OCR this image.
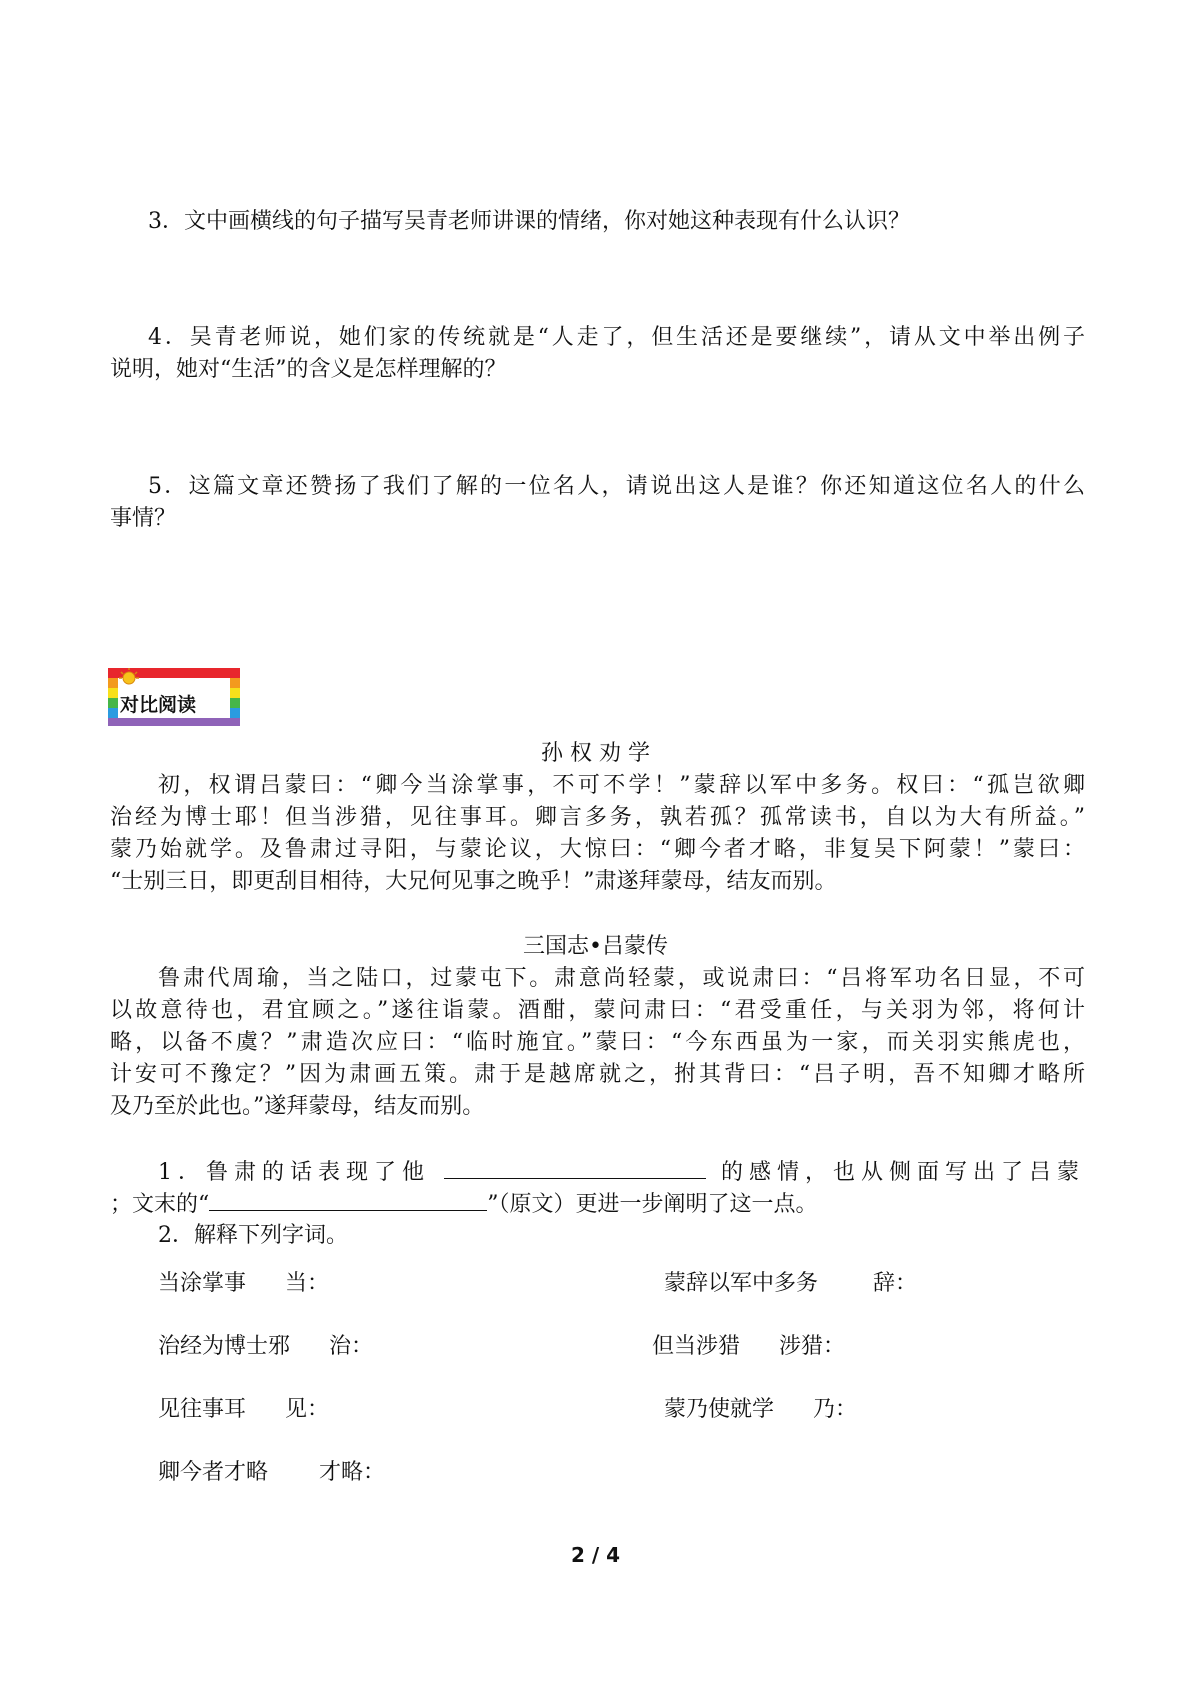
3．文中画横线的句子描写吴青老师讲课的情绪，你对她这种表现有什么认识？
4．吴青老师说，她们家的传统就是“人走了，但生活还是要继续”，请从文中举出例子
说明，她对“生活”的含义是怎样理解的？
5．这篇文章还赞扬了我们了解的一位名人，请说出这人是谁？你还知道这位名人的什么
事情？
对比阅读
孙 权 劝 学
初，权谓吕蒙曰：“卿今当涂掌事，不可不学！”蒙辞以军中多务。权曰：“孤岂欲卿
治经为博士耶！但当涉猎，见往事耳。卿言多务，孰若孤？孤常读书，自以为大有所益。”
蒙乃始就学。及鲁肃过寻阳，与蒙论议，大惊曰：“卿今者才略，非复吴下阿蒙！”蒙曰：
“士别三日，即更刮目相待，大兄何见事之晚乎！”肃遂拜蒙母，结友而别。
三国志•吕蒙传
鲁肃代周瑜，当之陆口，过蒙屯下。肃意尚轻蒙，或说肃曰：“吕将军功名日显，不可
以故意待也，君宜顾之。”遂往诣蒙。酒酣，蒙问肃曰：“君受重任，与关羽为邻，将何计
略，以备不虞？”肃造次应曰：“临时施宜。”蒙曰：“今东西虽为一家，而关羽实熊虎也，
计安可不豫定？”因为肃画五策。肃于是越席就之，拊其背曰：“吕子明，吾不知卿才略所
及乃至於此也。”遂拜蒙母，结友而别。
1．鲁肃的话表现了他	的感情，也从侧面写出了吕蒙
；文末的“	”（原文）更进一步阐明了这一点。
2．解释下列字词。
当涂掌事 当：	蒙辞以军中多务	辞：
治经为博士邪 治：	但当涉猎 涉猎：
见往事耳 见：	蒙乃使就学 乃：
卿今者才略 才略：
2 / 4
